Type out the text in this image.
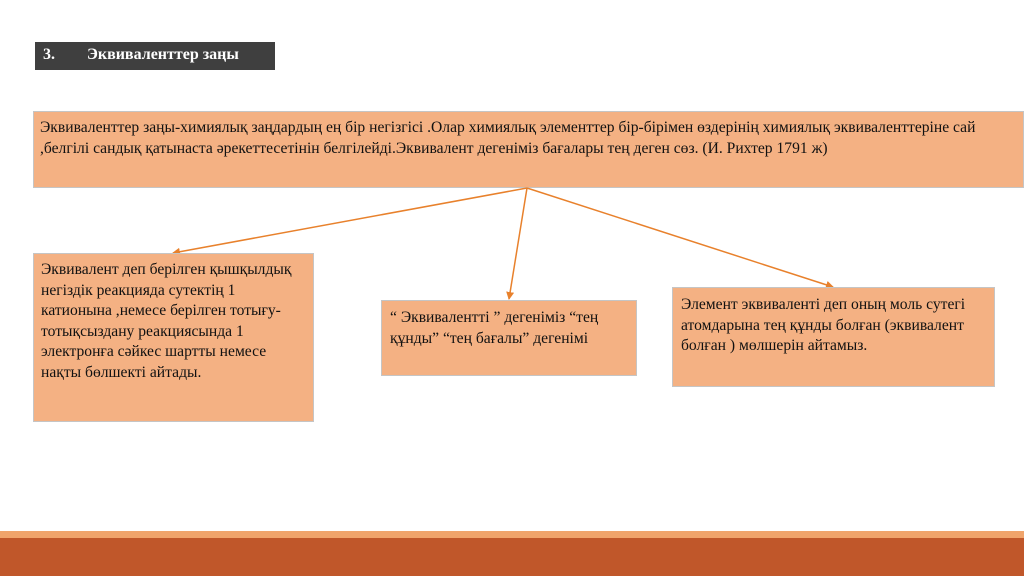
3. Эквиваленттер заңы
Эквиваленттер заңы-химиялық заңдардың ең бір негізгісі .Олар химиялық элементтер бір-бірімен өздерінің химиялық эквиваленттеріне сай ,белгілі сандық қатынаста әрекеттесетінін белгілейді.Эквивалент дегеніміз бағалары тең деген сөз. (И. Рихтер 1791 ж)
Эквивалент деп берілген қышқылдық негіздік реакцияда сутектің 1 катионына ,немесе берілген тотығу-тотықсыздану реакциясында 1 электронға сәйкес шартты немесе нақты бөлшекті айтады.
“ Эквивалентті ” дегеніміз “тең құнды” “тең бағалы” дегенімі
Элемент эквиваленті деп оның моль сутегі атомдарына тең құнды болған (эквивалент болған ) мөлшерін айтамыз.
